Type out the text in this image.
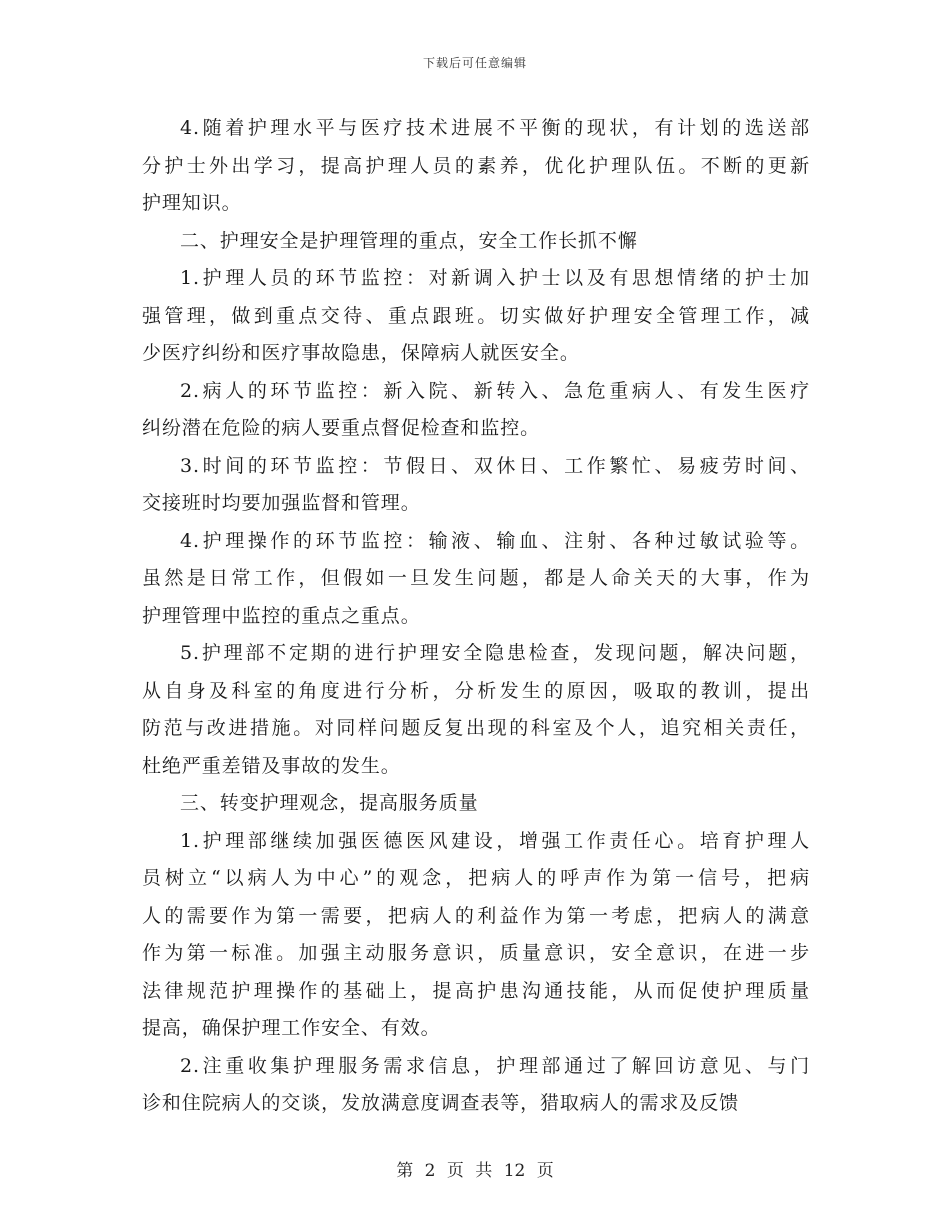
下载后可任意编辑

4.随着护理水平与医疗技术进展不平衡的现状，有计划的选送部
分护士外出学习，提高护理人员的素养，优化护理队伍。不断的更新
护理知识。

二、护理安全是护理管理的重点，安全工作长抓不懈

1.护理人员的环节监控：对新调入护士以及有思想情绪的护士加
强管理，做到重点交待、重点跟班。切实做好护理安全管理工作，减
少医疗纠纷和医疗事故隐患，保障病人就医安全。

2.病人的环节监控：新入院、新转入、急危重病人、有发生医疗
纠纷潜在危险的病人要重点督促检查和监控。

3.时间的环节监控：节假日、双休日、工作繁忙、易疲劳时间、
交接班时均要加强监督和管理。

4.护理操作的环节监控：输液、输血、注射、各种过敏试验等。
虽然是日常工作，但假如一旦发生问题，都是人命关天的大事，作为
护理管理中监控的重点之重点。

5.护理部不定期的进行护理安全隐患检查，发现问题，解决问题，
从自身及科室的角度进行分析，分析发生的原因，吸取的教训，提出
防范与改进措施。对同样问题反复出现的科室及个人，追究相关责任，
杜绝严重差错及事故的发生。

三、转变护理观念，提高服务质量

1.护理部继续加强医德医风建设，增强工作责任心。培育护理人
员树立“以病人为中心”的观念，把病人的呼声作为第一信号，把病
人的需要作为第一需要，把病人的利益作为第一考虑，把病人的满意
作为第一标准。加强主动服务意识，质量意识，安全意识，在进一步
法律规范护理操作的基础上，提高护患沟通技能，从而促使护理质量
提高，确保护理工作安全、有效。

2.注重收集护理服务需求信息，护理部通过了解回访意见、与门
诊和住院病人的交谈，发放满意度调查表等，猎取病人的需求及反馈

第 2 页 共 12 页
